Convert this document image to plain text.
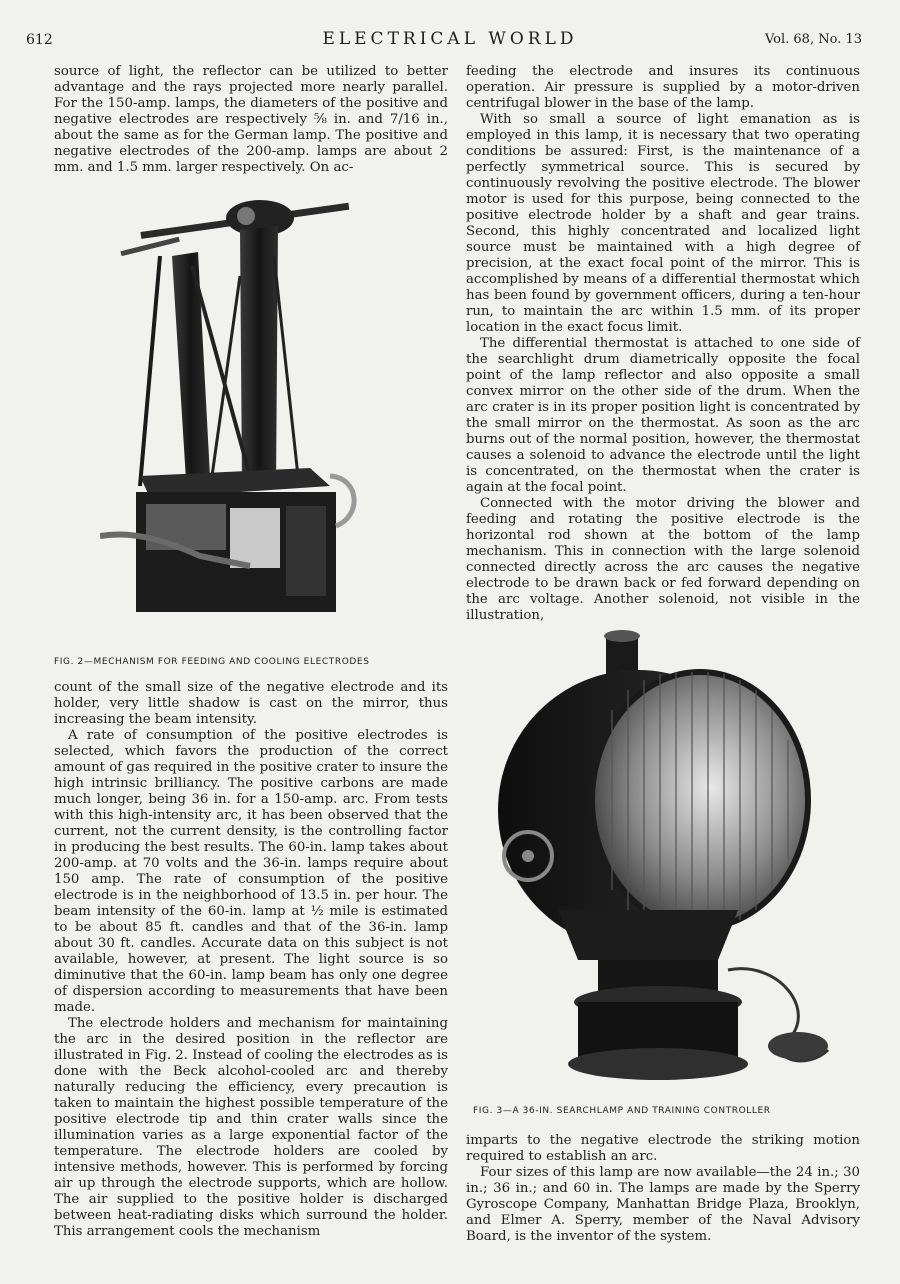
612	ELECTRICAL WORLD	Vol. 68, No. 13

source of light, the reflector can be utilized to better advantage and the rays projected more nearly parallel. For the 150-amp. lamps, the diameters of the positive and negative electrodes are respectively ⅝ in. and 7/16 in., about the same as for the German lamp. The positive and negative electrodes of the 200-amp. lamps are about 2 mm. and 1.5 mm. larger respectively. On ac-

FIG. 2—MECHANISM FOR FEEDING AND COOLING ELECTRODES

count of the small size of the negative electrode and its holder, very little shadow is cast on the mirror, thus increasing the beam intensity.

A rate of consumption of the positive electrodes is selected, which favors the production of the correct amount of gas required in the positive crater to insure the high intrinsic brilliancy. The positive carbons are made much longer, being 36 in. for a 150-amp. arc. From tests with this high-intensity arc, it has been observed that the current, not the current density, is the controlling factor in producing the best results. The 60-in. lamp takes about 200-amp. at 70 volts and the 36-in. lamps require about 150 amp. The rate of consumption of the positive electrode is in the neighborhood of 13.5 in. per hour. The beam intensity of the 60-in. lamp at ½ mile is estimated to be about 85 ft. candles and that of the 36-in. lamp about 30 ft. candles. Accurate data on this subject is not available, however, at present. The light source is so diminutive that the 60-in. lamp beam has only one degree of dispersion according to measurements that have been made.

The electrode holders and mechanism for maintaining the arc in the desired position in the reflector are illustrated in Fig. 2. Instead of cooling the electrodes as is done with the Beck alcohol-cooled arc and thereby naturally reducing the efficiency, every precaution is taken to maintain the highest possible temperature of the positive electrode tip and thin crater walls since the illumination varies as a large exponential factor of the temperature. The electrode holders are cooled by intensive methods, however. This is performed by forcing air up through the electrode supports, which are hollow. The air supplied to the positive holder is discharged between heat-radiating disks which surround the holder. This arrangement cools the mechanism

feeding the electrode and insures its continuous operation. Air pressure is supplied by a motor-driven centrifugal blower in the base of the lamp.

With so small a source of light emanation as is employed in this lamp, it is necessary that two operating conditions be assured: First, is the maintenance of a perfectly symmetrical source. This is secured by continuously revolving the positive electrode. The blower motor is used for this purpose, being connected to the positive electrode holder by a shaft and gear trains. Second, this highly concentrated and localized light source must be maintained with a high degree of precision, at the exact focal point of the mirror. This is accomplished by means of a differential thermostat which has been found by government officers, during a ten-hour run, to maintain the arc within 1.5 mm. of its proper location in the exact focus limit.

The differential thermostat is attached to one side of the searchlight drum diametrically opposite the focal point of the lamp reflector and also opposite a small convex mirror on the other side of the drum. When the arc crater is in its proper position light is concentrated by the small mirror on the thermostat. As soon as the arc burns out of the normal position, however, the thermostat causes a solenoid to advance the electrode until the light is concentrated, on the thermostat when the crater is again at the focal point.

Connected with the motor driving the blower and feeding and rotating the positive electrode is the horizontal rod shown at the bottom of the lamp mechanism. This in connection with the large solenoid connected directly across the arc causes the negative electrode to be drawn back or fed forward depending on the arc voltage. Another solenoid, not visible in the illustration,

FIG. 3—A 36-IN. SEARCHLAMP AND TRAINING CONTROLLER

imparts to the negative electrode the striking motion required to establish an arc.

Four sizes of this lamp are now available—the 24 in.; 30 in.; 36 in.; and 60 in. The lamps are made by the Sperry Gyroscope Company, Manhattan Bridge Plaza, Brooklyn, and Elmer A. Sperry, member of the Naval Advisory Board, is the inventor of the system.
